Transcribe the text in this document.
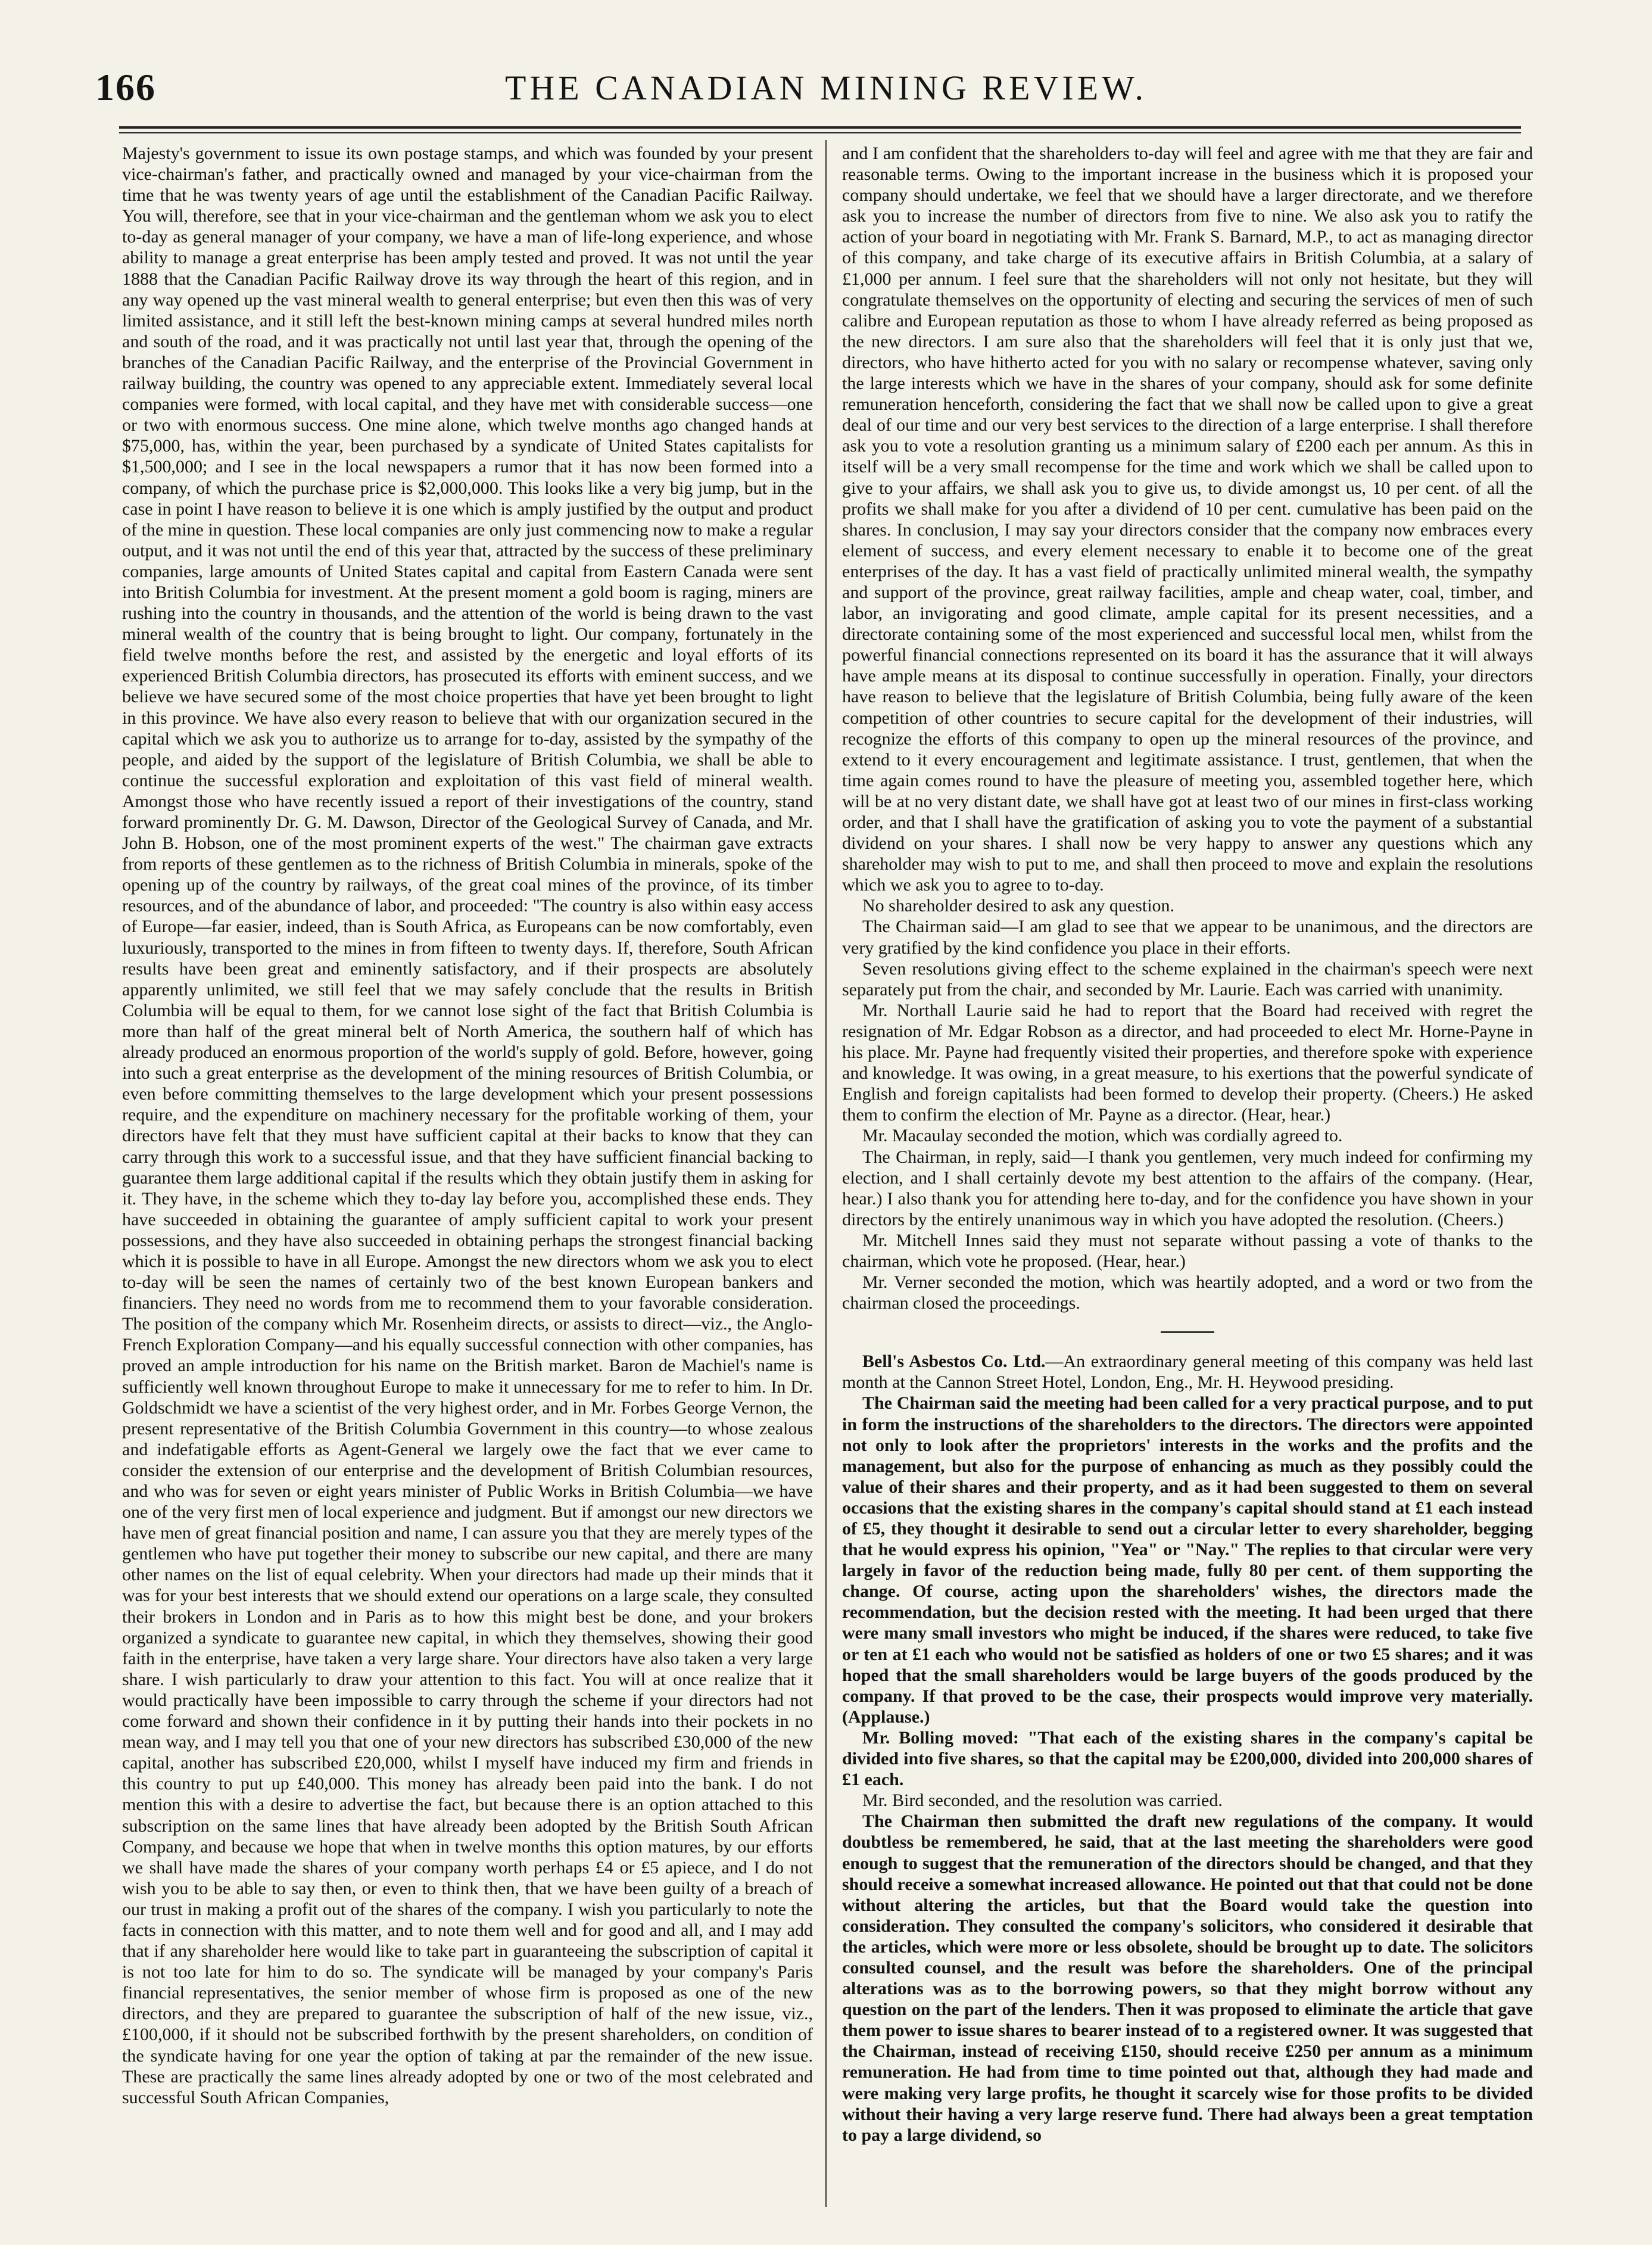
166	THE CANADIAN MINING REVIEW.

Majesty's government to issue its own postage stamps, and which was founded by your present vice-chairman's father, and practically owned and managed by your vice-chairman from the time that he was twenty years of age until the establishment of the Canadian Pacific Railway. You will, therefore, see that in your vice-chairman and the gentleman whom we ask you to elect to-day as general manager of your company, we have a man of life-long experience, and whose ability to manage a great enterprise has been amply tested and proved. It was not until the year 1888 that the Canadian Pacific Railway drove its way through the heart of this region, and in any way opened up the vast mineral wealth to general enterprise; but even then this was of very limited assistance, and it still left the best-known mining camps at several hundred miles north and south of the road, and it was practically not until last year that, through the opening of the branches of the Canadian Pacific Railway, and the enterprise of the Provincial Government in railway building, the country was opened to any appreciable extent. Immediately several local companies were formed, with local capital, and they have met with considerable success—one or two with enormous success. One mine alone, which twelve months ago changed hands at $75,000, has, within the year, been purchased by a syndicate of United States capitalists for $1,500,000; and I see in the local newspapers a rumor that it has now been formed into a company, of which the purchase price is $2,000,000. This looks like a very big jump, but in the case in point I have reason to believe it is one which is amply justified by the output and product of the mine in question. These local companies are only just commencing now to make a regular output, and it was not until the end of this year that, attracted by the success of these preliminary companies, large amounts of United States capital and capital from Eastern Canada were sent into British Columbia for investment. At the present moment a gold boom is raging, miners are rushing into the country in thousands, and the attention of the world is being drawn to the vast mineral wealth of the country that is being brought to light. Our company, fortunately in the field twelve months before the rest, and assisted by the energetic and loyal efforts of its experienced British Columbia directors, has prosecuted its efforts with eminent success, and we believe we have secured some of the most choice properties that have yet been brought to light in this province. We have also every reason to believe that with our organization secured in the capital which we ask you to authorize us to arrange for to-day, assisted by the sympathy of the people, and aided by the support of the legislature of British Columbia, we shall be able to continue the successful exploration and exploitation of this vast field of mineral wealth. Amongst those who have recently issued a report of their investigations of the country, stand forward prominently Dr. G. M. Dawson, Director of the Geological Survey of Canada, and Mr. John B. Hobson, one of the most prominent experts of the west." The chairman gave extracts from reports of these gentlemen as to the richness of British Columbia in minerals, spoke of the opening up of the country by railways, of the great coal mines of the province, of its timber resources, and of the abundance of labor, and proceeded: "The country is also within easy access of Europe—far easier, indeed, than is South Africa, as Europeans can be now comfortably, even luxuriously, transported to the mines in from fifteen to twenty days. If, therefore, South African results have been great and eminently satisfactory, and if their prospects are absolutely apparently unlimited, we still feel that we may safely conclude that the results in British Columbia will be equal to them, for we cannot lose sight of the fact that British Columbia is more than half of the great mineral belt of North America, the southern half of which has already produced an enormous proportion of the world's supply of gold. Before, however, going into such a great enterprise as the development of the mining resources of British Columbia, or even before committing themselves to the large development which your present possessions require, and the expenditure on machinery necessary for the profitable working of them, your directors have felt that they must have sufficient capital at their backs to know that they can carry through this work to a successful issue, and that they have sufficient financial backing to guarantee them large additional capital if the results which they obtain justify them in asking for it. They have, in the scheme which they to-day lay before you, accomplished these ends. They have succeeded in obtaining the guarantee of amply sufficient capital to work your present possessions, and they have also succeeded in obtaining perhaps the strongest financial backing which it is possible to have in all Europe. Amongst the new directors whom we ask you to elect to-day will be seen the names of certainly two of the best known European bankers and financiers. They need no words from me to recommend them to your favorable consideration. The position of the company which Mr. Rosenheim directs, or assists to direct—viz., the Anglo-French Exploration Company—and his equally successful connection with other companies, has proved an ample introduction for his name on the British market. Baron de Machiel's name is sufficiently well known throughout Europe to make it unnecessary for me to refer to him. In Dr. Goldschmidt we have a scientist of the very highest order, and in Mr. Forbes George Vernon, the present representative of the British Columbia Government in this country—to whose zealous and indefatigable efforts as Agent-General we largely owe the fact that we ever came to consider the extension of our enterprise and the development of British Columbian resources, and who was for seven or eight years minister of Public Works in British Columbia—we have one of the very first men of local experience and judgment. But if amongst our new directors we have men of great financial position and name, I can assure you that they are merely types of the gentlemen who have put together their money to subscribe our new capital, and there are many other names on the list of equal celebrity. When your directors had made up their minds that it was for your best interests that we should extend our operations on a large scale, they consulted their brokers in London and in Paris as to how this might best be done, and your brokers organized a syndicate to guarantee new capital, in which they themselves, showing their good faith in the enterprise, have taken a very large share. Your directors have also taken a very large share. I wish particularly to draw your attention to this fact. You will at once realize that it would practically have been impossible to carry through the scheme if your directors had not come forward and shown their confidence in it by putting their hands into their pockets in no mean way, and I may tell you that one of your new directors has subscribed £30,000 of the new capital, another has subscribed £20,000, whilst I myself have induced my firm and friends in this country to put up £40,000. This money has already been paid into the bank. I do not mention this with a desire to advertise the fact, but because there is an option attached to this subscription on the same lines that have already been adopted by the British South African Company, and because we hope that when in twelve months this option matures, by our efforts we shall have made the shares of your company worth perhaps £4 or £5 apiece, and I do not wish you to be able to say then, or even to think then, that we have been guilty of a breach of our trust in making a profit out of the shares of the company. I wish you particularly to note the facts in connection with this matter, and to note them well and for good and all, and I may add that if any shareholder here would like to take part in guaranteeing the subscription of capital it is not too late for him to do so. The syndicate will be managed by your company's Paris financial representatives, the senior member of whose firm is proposed as one of the new directors, and they are prepared to guarantee the subscription of half of the new issue, viz., £100,000, if it should not be subscribed forthwith by the present shareholders, on condition of the syndicate having for one year the option of taking at par the remainder of the new issue. These are practically the same lines already adopted by one or two of the most celebrated and successful South African Companies,

and I am confident that the shareholders to-day will feel and agree with me that they are fair and reasonable terms. Owing to the important increase in the business which it is proposed your company should undertake, we feel that we should have a larger directorate, and we therefore ask you to increase the number of directors from five to nine. We also ask you to ratify the action of your board in negotiating with Mr. Frank S. Barnard, M.P., to act as managing director of this company, and take charge of its executive affairs in British Columbia, at a salary of £1,000 per annum. I feel sure that the shareholders will not only not hesitate, but they will congratulate themselves on the opportunity of electing and securing the services of men of such calibre and European reputation as those to whom I have already referred as being proposed as the new directors. I am sure also that the shareholders will feel that it is only just that we, directors, who have hitherto acted for you with no salary or recompense whatever, saving only the large interests which we have in the shares of your company, should ask for some definite remuneration henceforth, considering the fact that we shall now be called upon to give a great deal of our time and our very best services to the direction of a large enterprise. I shall therefore ask you to vote a resolution granting us a minimum salary of £200 each per annum. As this in itself will be a very small recompense for the time and work which we shall be called upon to give to your affairs, we shall ask you to give us, to divide amongst us, 10 per cent. of all the profits we shall make for you after a dividend of 10 per cent. cumulative has been paid on the shares. In conclusion, I may say your directors consider that the company now embraces every element of success, and every element necessary to enable it to become one of the great enterprises of the day. It has a vast field of practically unlimited mineral wealth, the sympathy and support of the province, great railway facilities, ample and cheap water, coal, timber, and labor, an invigorating and good climate, ample capital for its present necessities, and a directorate containing some of the most experienced and successful local men, whilst from the powerful financial connections represented on its board it has the assurance that it will always have ample means at its disposal to continue successfully in operation. Finally, your directors have reason to believe that the legislature of British Columbia, being fully aware of the keen competition of other countries to secure capital for the development of their industries, will recognize the efforts of this company to open up the mineral resources of the province, and extend to it every encouragement and legitimate assistance. I trust, gentlemen, that when the time again comes round to have the pleasure of meeting you, assembled together here, which will be at no very distant date, we shall have got at least two of our mines in first-class working order, and that I shall have the gratification of asking you to vote the payment of a substantial dividend on your shares. I shall now be very happy to answer any questions which any shareholder may wish to put to me, and shall then proceed to move and explain the resolutions which we ask you to agree to to-day.

No shareholder desired to ask any question.

The Chairman said—I am glad to see that we appear to be unanimous, and the directors are very gratified by the kind confidence you place in their efforts.

Seven resolutions giving effect to the scheme explained in the chairman's speech were next separately put from the chair, and seconded by Mr. Laurie. Each was carried with unanimity.

Mr. Northall Laurie said he had to report that the Board had received with regret the resignation of Mr. Edgar Robson as a director, and had proceeded to elect Mr. Horne-Payne in his place. Mr. Payne had frequently visited their properties, and therefore spoke with experience and knowledge. It was owing, in a great measure, to his exertions that the powerful syndicate of English and foreign capitalists had been formed to develop their property. (Cheers.) He asked them to confirm the election of Mr. Payne as a director. (Hear, hear.)

Mr. Macaulay seconded the motion, which was cordially agreed to.

The Chairman, in reply, said—I thank you gentlemen, very much indeed for confirming my election, and I shall certainly devote my best attention to the affairs of the company. (Hear, hear.) I also thank you for attending here to-day, and for the confidence you have shown in your directors by the entirely unanimous way in which you have adopted the resolution. (Cheers.)

Mr. Mitchell Innes said they must not separate without passing a vote of thanks to the chairman, which vote he proposed. (Hear, hear.)

Mr. Verner seconded the motion, which was heartily adopted, and a word or two from the chairman closed the proceedings.

Bell's Asbestos Co. Ltd.—An extraordinary general meeting of this company was held last month at the Cannon Street Hotel, London, Eng., Mr. H. Heywood presiding.

The Chairman said the meeting had been called for a very practical purpose, and to put in form the instructions of the shareholders to the directors. The directors were appointed not only to look after the proprietors' interests in the works and the profits and the management, but also for the purpose of enhancing as much as they possibly could the value of their shares and their property, and as it had been suggested to them on several occasions that the existing shares in the company's capital should stand at £1 each instead of £5, they thought it desirable to send out a circular letter to every shareholder, begging that he would express his opinion, "Yea" or "Nay." The replies to that circular were very largely in favor of the reduction being made, fully 80 per cent. of them supporting the change. Of course, acting upon the shareholders' wishes, the directors made the recommendation, but the decision rested with the meeting. It had been urged that there were many small investors who might be induced, if the shares were reduced, to take five or ten at £1 each who would not be satisfied as holders of one or two £5 shares; and it was hoped that the small shareholders would be large buyers of the goods produced by the company. If that proved to be the case, their prospects would improve very materially. (Applause.)

Mr. Bolling moved: "That each of the existing shares in the company's capital be divided into five shares, so that the capital may be £200,000, divided into 200,000 shares of £1 each.

Mr. Bird seconded, and the resolution was carried.

The Chairman then submitted the draft new regulations of the company. It would doubtless be remembered, he said, that at the last meeting the shareholders were good enough to suggest that the remuneration of the directors should be changed, and that they should receive a somewhat increased allowance. He pointed out that that could not be done without altering the articles, but that the Board would take the question into consideration. They consulted the company's solicitors, who considered it desirable that the articles, which were more or less obsolete, should be brought up to date. The solicitors consulted counsel, and the result was before the shareholders. One of the principal alterations was as to the borrowing powers, so that they might borrow without any question on the part of the lenders. Then it was proposed to eliminate the article that gave them power to issue shares to bearer instead of to a registered owner. It was suggested that the Chairman, instead of receiving £150, should receive £250 per annum as a minimum remuneration. He had from time to time pointed out that, although they had made and were making very large profits, he thought it scarcely wise for those profits to be divided without their having a very large reserve fund. There had always been a great temptation to pay a large dividend, so
